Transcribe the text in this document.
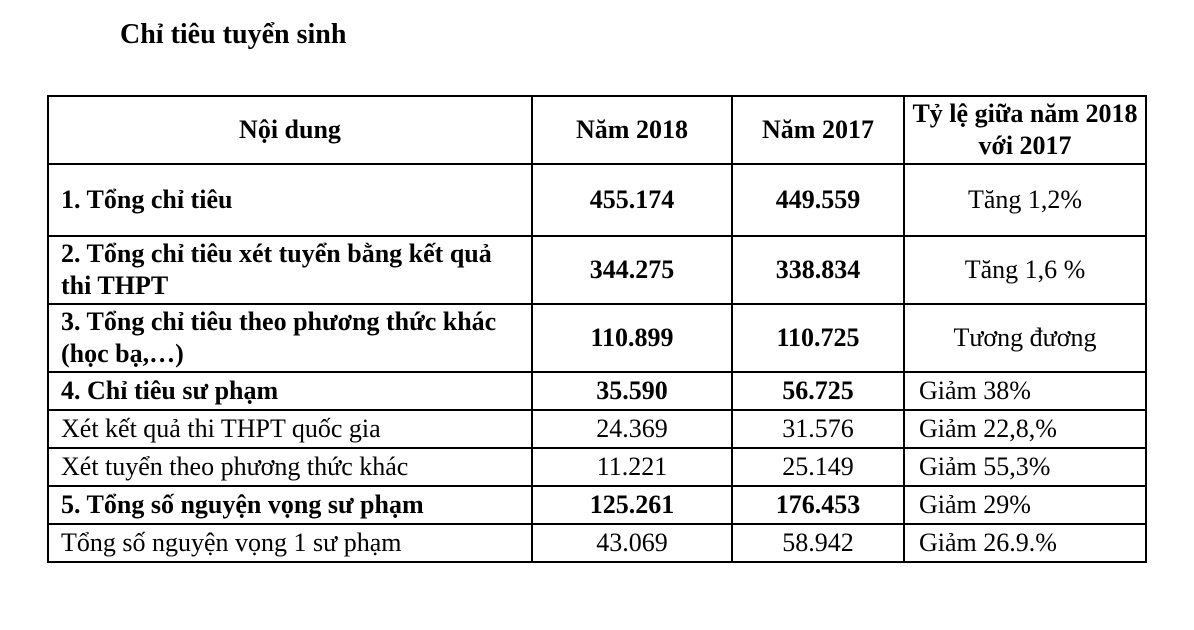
Chỉ tiêu tuyển sinh
Nội dung	Năm 2018	Năm 2017	Tỷ lệ giữa năm 2018 với 2017
1. Tổng chỉ tiêu	455.174	449.559	Tăng 1,2%
2. Tổng chỉ tiêu xét tuyển bằng kết quả thi THPT	344.275	338.834	Tăng 1,6 %
3. Tổng chỉ tiêu theo phương thức khác (học bạ,…)	110.899	110.725	Tương đương
4. Chỉ tiêu sư phạm	35.590	56.725	Giảm 38%
Xét kết quả thi THPT quốc gia	24.369	31.576	Giảm 22,8,%
Xét tuyển theo phương thức khác	11.221	25.149	Giảm 55,3%
5. Tổng số nguyện vọng sư phạm	125.261	176.453	Giảm 29%
Tổng số nguyện vọng 1 sư phạm	43.069	58.942	Giảm 26.9.%
